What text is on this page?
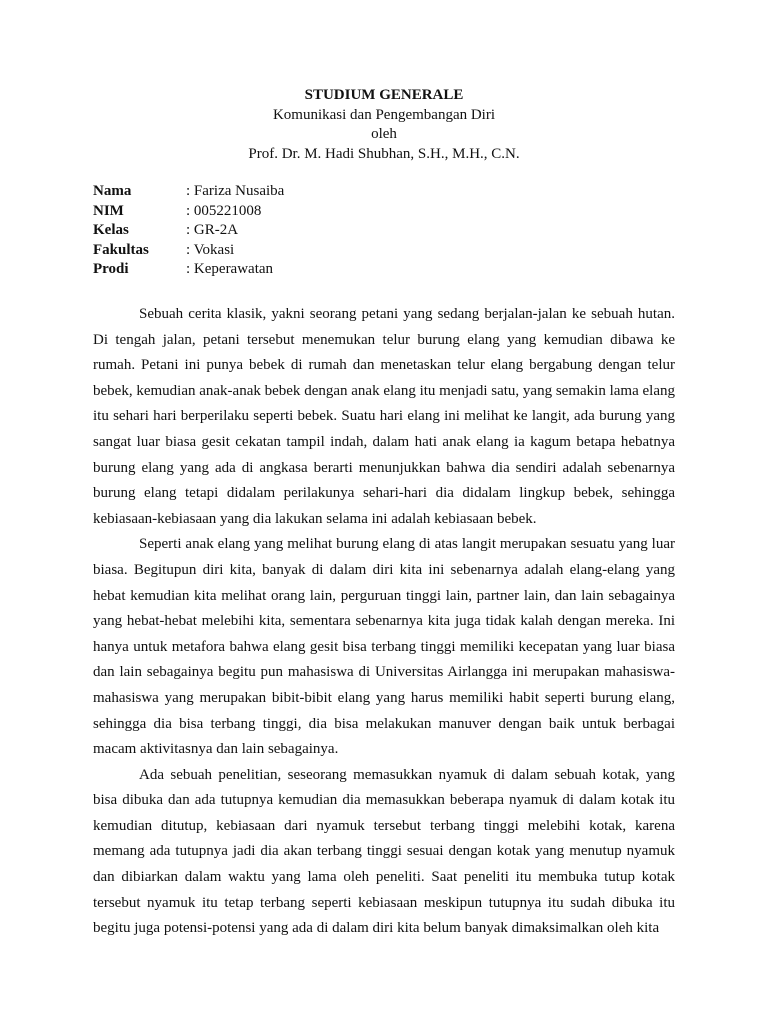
STUDIUM GENERALE
Komunikasi dan Pengembangan Diri
oleh
Prof. Dr. M. Hadi Shubhan, S.H., M.H., C.N.
Nama	: Fariza Nusaiba
NIM	: 005221008
Kelas	: GR-2A
Fakultas	: Vokasi
Prodi	: Keperawatan

Sebuah cerita klasik, yakni seorang petani yang sedang berjalan-jalan ke sebuah hutan. Di tengah jalan, petani tersebut menemukan telur burung elang yang kemudian dibawa ke rumah. Petani ini punya bebek di rumah dan menetaskan telur elang bergabung dengan telur bebek, kemudian anak-anak bebek dengan anak elang itu menjadi satu, yang semakin lama elang itu sehari hari berperilaku seperti bebek. Suatu hari elang ini melihat ke langit, ada burung yang sangat luar biasa gesit cekatan tampil indah, dalam hati anak elang ia kagum betapa hebatnya burung elang yang ada di angkasa berarti menunjukkan bahwa dia sendiri adalah sebenarnya burung elang tetapi didalam perilakunya sehari-hari dia didalam lingkup bebek, sehingga kebiasaan-kebiasaan yang dia lakukan selama ini adalah kebiasaan bebek.

Seperti anak elang yang melihat burung elang di atas langit merupakan sesuatu yang luar biasa. Begitupun diri kita, banyak di dalam diri kita ini sebenarnya adalah elang-elang yang hebat kemudian kita melihat orang lain, perguruan tinggi lain, partner lain, dan lain sebagainya yang hebat-hebat melebihi kita, sementara sebenarnya kita juga tidak kalah dengan mereka. Ini hanya untuk metafora bahwa elang gesit bisa terbang tinggi memiliki kecepatan yang luar biasa dan lain sebagainya begitu pun mahasiswa di Universitas Airlangga ini merupakan mahasiswa-mahasiswa yang merupakan bibit-bibit elang yang harus memiliki habit seperti burung elang, sehingga dia bisa terbang tinggi, dia bisa melakukan manuver dengan baik untuk berbagai macam aktivitasnya dan lain sebagainya.

Ada sebuah penelitian, seseorang memasukkan nyamuk di dalam sebuah kotak, yang bisa dibuka dan ada tutupnya kemudian dia memasukkan beberapa nyamuk di dalam kotak itu kemudian ditutup, kebiasaan dari nyamuk tersebut terbang tinggi melebihi kotak, karena memang ada tutupnya jadi dia akan terbang tinggi sesuai dengan kotak yang menutup nyamuk dan dibiarkan dalam waktu yang lama oleh peneliti. Saat peneliti itu membuka tutup kotak tersebut nyamuk itu tetap terbang seperti kebiasaan meskipun tutupnya itu sudah dibuka itu begitu juga potensi-potensi yang ada di dalam diri kita belum banyak dimaksimalkan oleh kita
